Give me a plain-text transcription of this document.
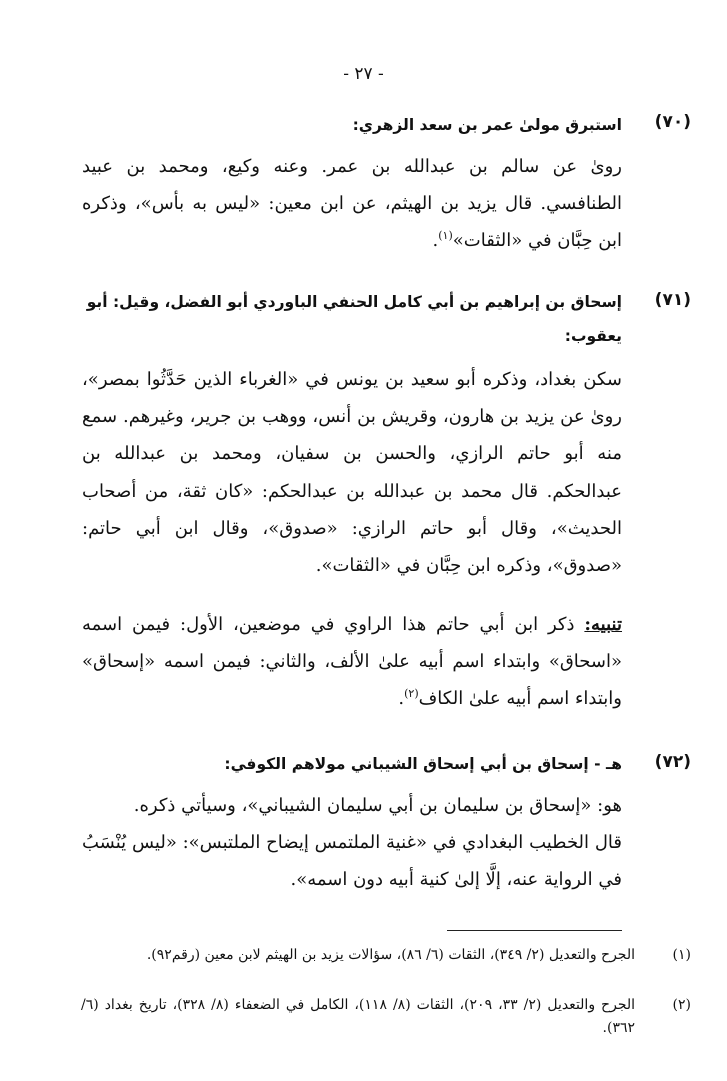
- ٢٧ -
(٧٠)
استبرق مولىٰ عمر بن سعد الزهري:
روىٰ عن سالم بن عبدالله بن عمر. وعنه وكيع، ومحمد بن عبيد الطنافسي. قال يزيد بن الهيثم، عن ابن معين: «ليس به بأس»، وذكره ابن حِبَّان في «الثقات»$^{(١)}$.
(٧١)
إسحاق بن إبراهيم بن أبي كامل الحنفي الباوردي أبو الفضل، وقيل: أبو يعقوب:
سكن بغداد، وذكره أبو سعيد بن يونس في «الغرباء الذين حَدَّثُوا بمصر»، روىٰ عن يزيد بن هارون، وقريش بن أنس، ووهب بن جرير، وغيرهم. سمع منه أبو حاتم الرازي، والحسن بن سفيان، ومحمد بن عبدالله بن عبدالحكم. قال محمد بن عبدالله بن عبدالحكم: «كان ثقة، من أصحاب الحديث»، وقال أبو حاتم الرازي: «صدوق»، وقال ابن أبي حاتم: «صدوق»، وذكره ابن حِبَّان في «الثقات».
تنبيه: ذكر ابن أبي حاتم هذا الراوي في موضعين، الأول: فيمن اسمه «اسحاق» وابتداء اسم أبيه علىٰ الألف، والثاني: فيمن اسمه «إسحاق» وابتداء اسم أبيه علىٰ الكاف$^{(٢)}$.
(٧٢)
هـ - إسحاق بن أبي إسحاق الشيباني مولاهم الكوفي:
هو: «إسحاق بن سليمان بن أبي سليمان الشيباني»، وسيأتي ذكره.
قال الخطيب البغدادي في «غنية الملتمس إيضاح الملتبس»: «ليس يُنْسَبُ في الرواية عنه، إلَّا إلىٰ كنية أبيه دون اسمه».
(١)
الجرح والتعديل (٢/ ٣٤٩)، الثقات (٦/ ٨٦)، سؤالات يزيد بن الهيثم لابن معين (رقم٩٢).
(٢)
الجرح والتعديل (٢/ ٣٣، ٢٠٩)، الثقات (٨/ ١١٨)، الكامل في الضعفاء (٨/ ٣٢٨)، تاريخ بغداد (٦/ ٣٦٢).
